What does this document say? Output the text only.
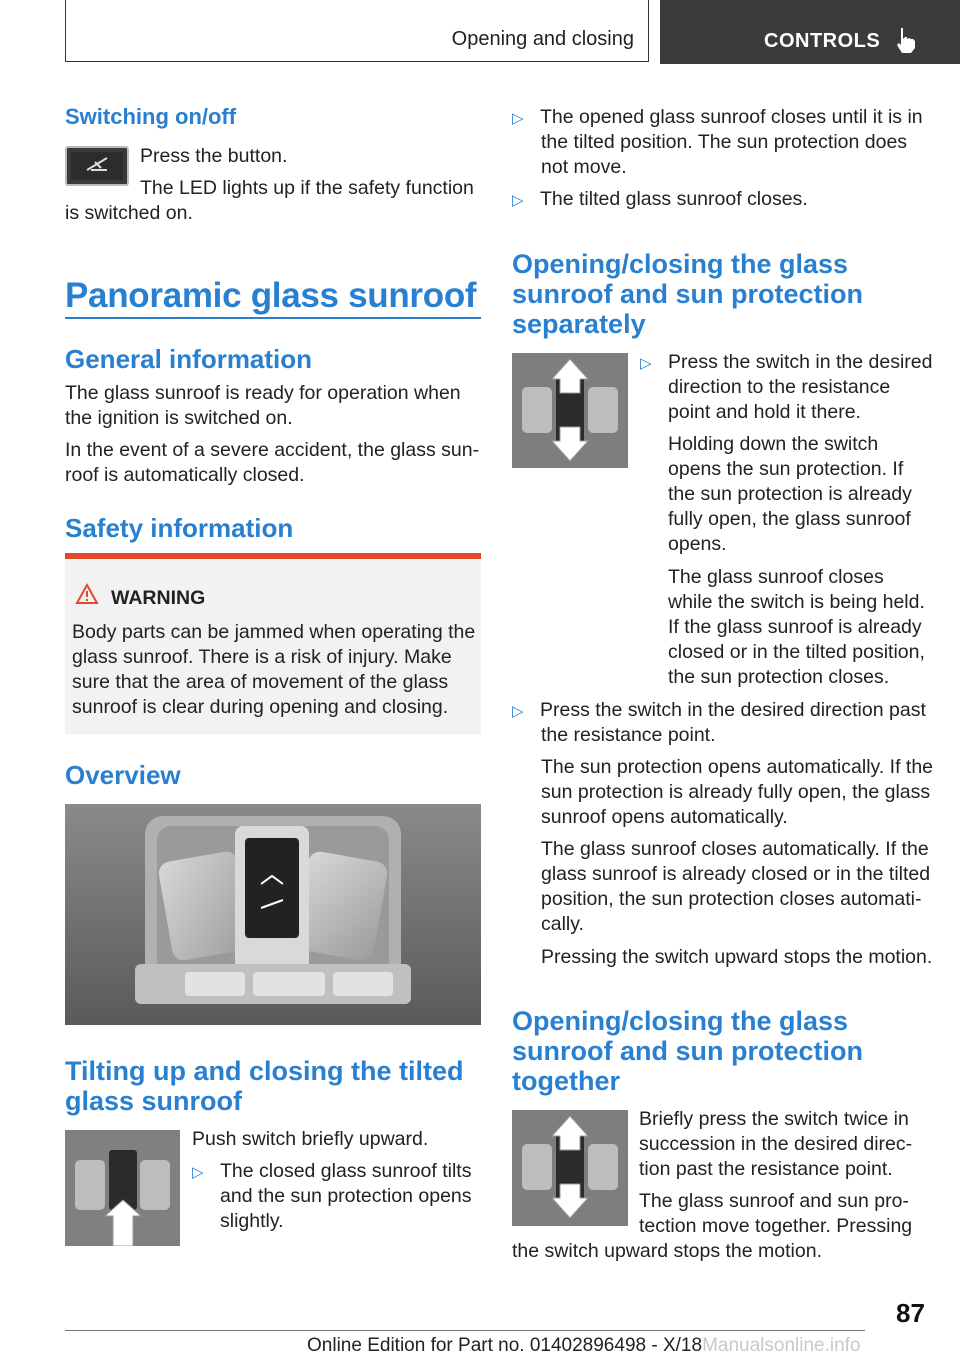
Opening and closing	CONTROLS
Switching on/off
Press the button.
The LED lights up if the safety function
is switched on.
Panoramic glass sunroof
General information
The glass sunroof is ready for operation when
the ignition is switched on.
In the event of a severe accident, the glass sun-
roof is automatically closed.
Safety information
WARNING
Body parts can be jammed when operating the
glass sunroof. There is a risk of injury. Make
sure that the area of movement of the glass
sunroof is clear during opening and closing.
Overview
Tilting up and closing the tilted
glass sunroof
Push switch briefly upward.
▷ The closed glass sunroof tilts
and the sun protection opens
slightly.
▷ The opened glass sunroof closes until it is in
the tilted position. The sun protection does
not move.
▷ The tilted glass sunroof closes.
Opening/closing the glass
sunroof and sun protection
separately
▷ Press the switch in the desired
direction to the resistance
point and hold it there.
Holding down the switch
opens the sun protection. If
the sun protection is already
fully open, the glass sunroof
opens.
The glass sunroof closes
while the switch is being held.
If the glass sunroof is already
closed or in the tilted position,
the sun protection closes.
▷ Press the switch in the desired direction past
the resistance point.
The sun protection opens automatically. If the
sun protection is already fully open, the glass
sunroof opens automatically.
The glass sunroof closes automatically. If the
glass sunroof is already closed or in the tilted
position, the sun protection closes automati-
cally.
Pressing the switch upward stops the motion.
Opening/closing the glass
sunroof and sun protection
together
Briefly press the switch twice in
succession in the desired direc-
tion past the resistance point.
The glass sunroof and sun pro-
tection move together. Pressing
the switch upward stops the motion.
87
Online Edition for Part no. 01402896498 - X/18Manualsonline.info
